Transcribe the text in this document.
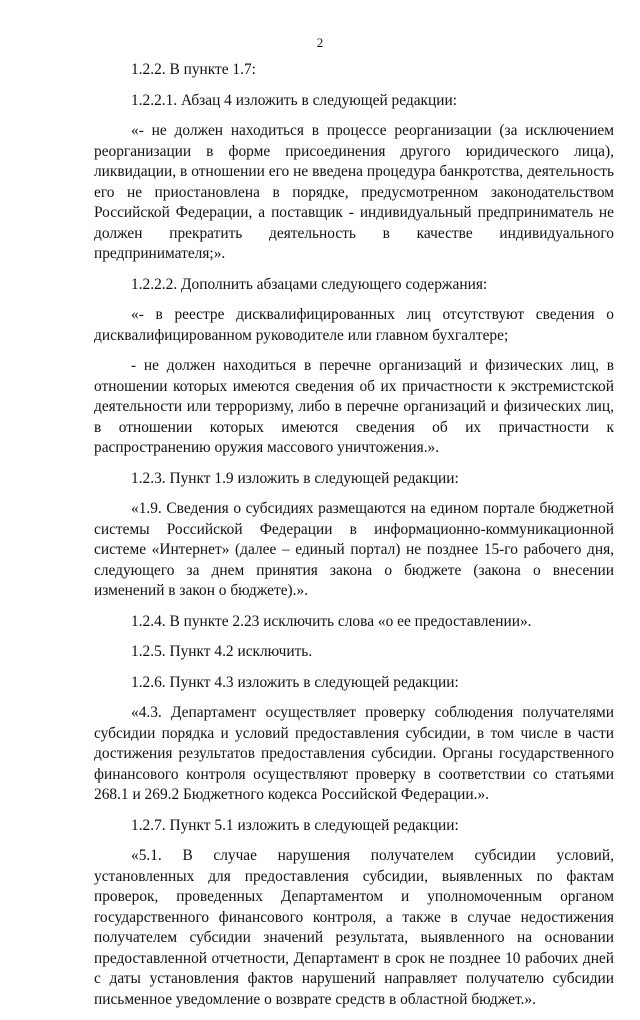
2

1.2.2. В пункте 1.7:

1.2.2.1. Абзац 4 изложить в следующей редакции:

«- не должен находиться в процессе реорганизации (за исключением реорганизации в форме присоединения другого юридического лица), ликвидации, в отношении его не введена процедура банкротства, деятельность его не приостановлена в порядке, предусмотренном законодательством Российской Федерации, а поставщик - индивидуальный предприниматель не должен прекратить деятельность в качестве индивидуального предпринимателя;».

1.2.2.2. Дополнить абзацами следующего содержания:

«- в реестре дисквалифицированных лиц отсутствуют сведения о дисквалифицированном руководителе или главном бухгалтере;

- не должен находиться в перечне организаций и физических лиц, в отношении которых имеются сведения об их причастности к экстремистской деятельности или терроризму, либо в перечне организаций и физических лиц, в отношении которых имеются сведения об их причастности к распространению оружия массового уничтожения.».

1.2.3. Пункт 1.9 изложить в следующей редакции:

«1.9. Сведения о субсидиях размещаются на едином портале бюджетной системы Российской Федерации в информационно-коммуникационной системе «Интернет» (далее – единый портал) не позднее 15-го рабочего дня, следующего за днем принятия закона о бюджете (закона о внесении изменений в закон о бюджете).».

1.2.4. В пункте 2.23 исключить слова «о ее предоставлении».

1.2.5. Пункт 4.2 исключить.

1.2.6. Пункт 4.3 изложить в следующей редакции:

«4.3. Департамент осуществляет проверку соблюдения получателями субсидии порядка и условий предоставления субсидии, в том числе в части достижения результатов предоставления субсидии. Органы государственного финансового контроля осуществляют проверку в соответствии со статьями 268.1 и 269.2 Бюджетного кодекса Российской Федерации.».

1.2.7. Пункт 5.1 изложить в следующей редакции:

«5.1. В случае нарушения получателем субсидии условий, установленных для предоставления субсидии, выявленных по фактам проверок, проведенных Департаментом и уполномоченным органом государственного финансового контроля, а также в случае недостижения получателем субсидии значений результата, выявленного на основании предоставленной отчетности, Департамент в срок не позднее 10 рабочих дней с даты установления фактов нарушений направляет получателю субсидии письменное уведомление о возврате средств в областной бюджет.».
